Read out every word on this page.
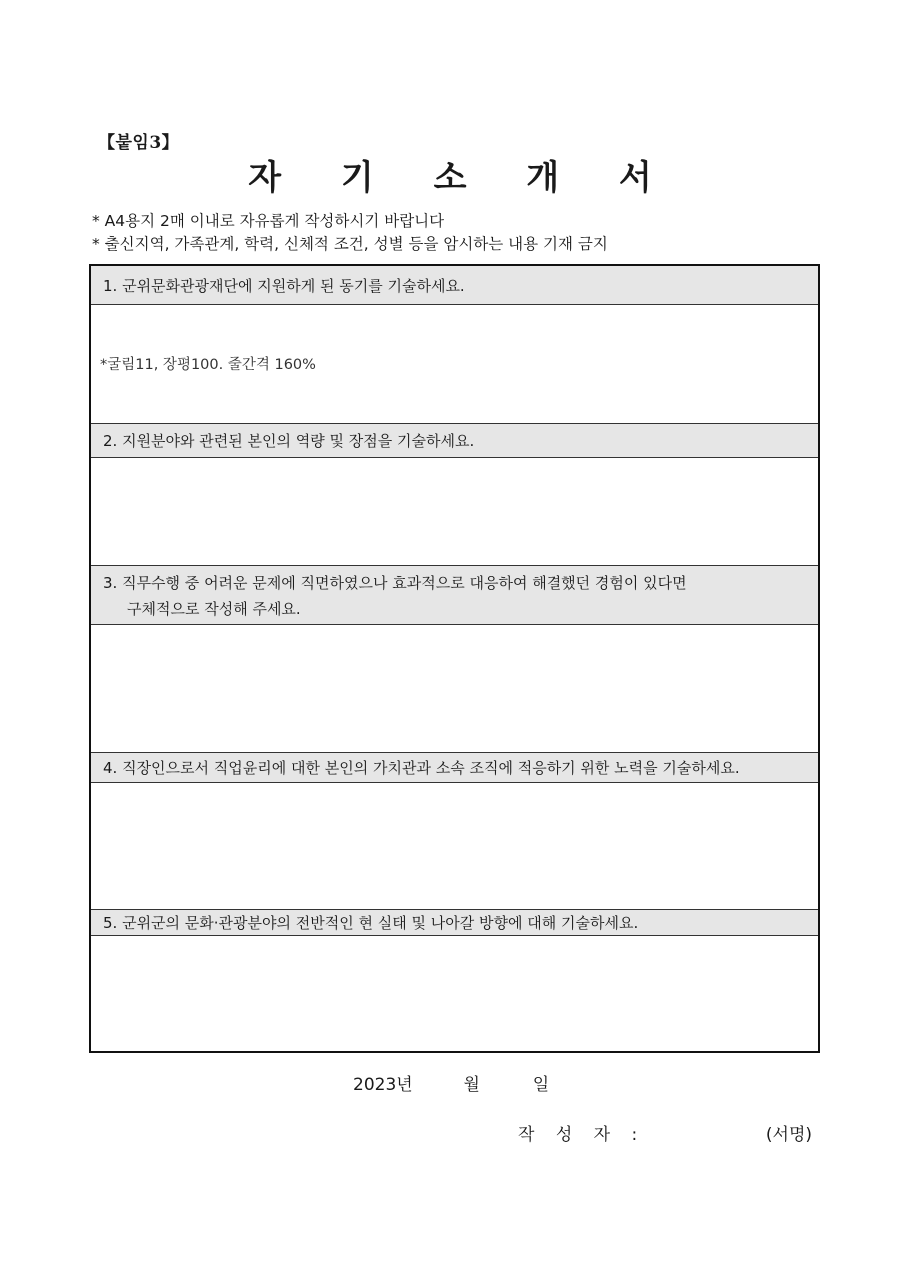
【붙임3】
자 기 소 개 서
* A4용지 2매 이내로 자유롭게 작성하시기 바랍니다
* 출신지역, 가족관계, 학력, 신체적 조건, 성별 등을 암시하는 내용 기재 금지
1. 군위문화관광재단에 지원하게 된 동기를 기술하세요.
*굴림11, 장평100. 줄간격 160%
2. 지원분야와 관련된 본인의 역량 및 장점을 기술하세요.
3. 직무수행 중 어려운 문제에 직면하였으나 효과적으로 대응하여 해결했던 경험이 있다면
구체적으로 작성해 주세요.
4. 직장인으로서 직업윤리에 대한 본인의 가치관과 소속 조직에 적응하기 위한 노력을 기술하세요.
5. 군위군의 문화·관광분야의 전반적인 현 실태 및 나아갈 방향에 대해 기술하세요.
2023년	월	일
작 성 자 :	(서명)
